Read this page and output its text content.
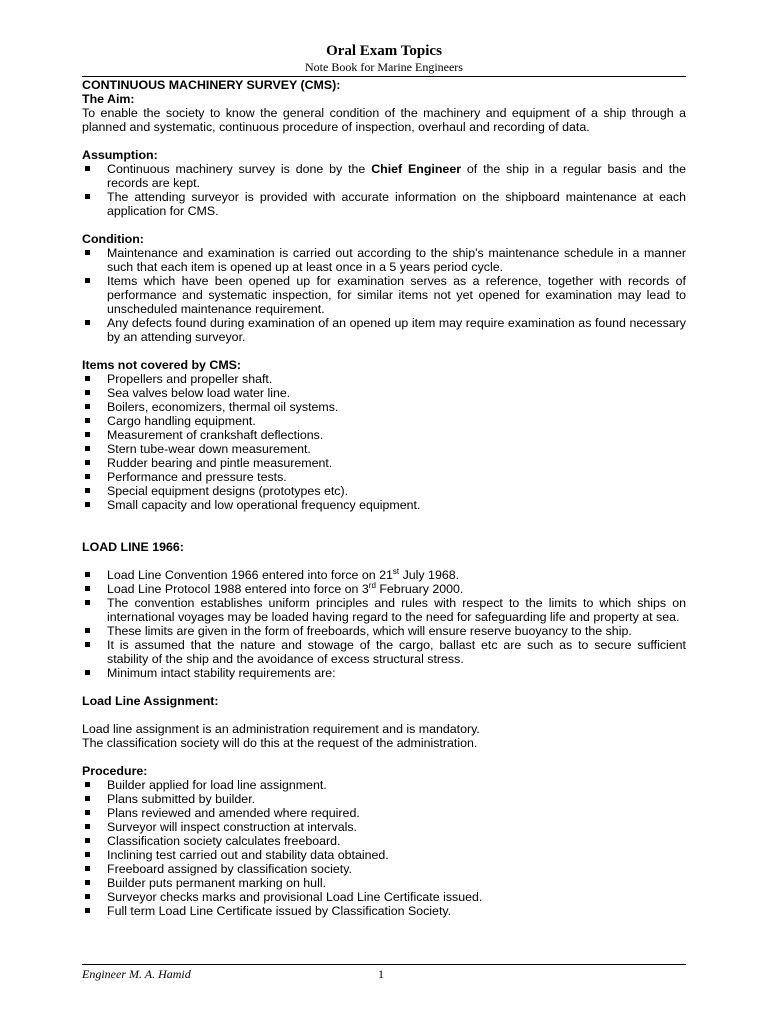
Oral Exam Topics
Note Book for Marine Engineers
CONTINUOUS MACHINERY SURVEY (CMS):
The Aim:
To enable the society to know the general condition of the machinery and equipment of a ship through a planned and systematic, continuous procedure of inspection, overhaul and recording of data.
Assumption:
Continuous machinery survey is done by the Chief Engineer of the ship in a regular basis and the records are kept.
The attending surveyor is provided with accurate information on the shipboard maintenance at each application for CMS.
Condition:
Maintenance and examination is carried out according to the ship's maintenance schedule in a manner such that each item is opened up at least once in a 5 years period cycle.
Items which have been opened up for examination serves as a reference, together with records of performance and systematic inspection, for similar items not yet opened for examination may lead to unscheduled maintenance requirement.
Any defects found during examination of an opened up item may require examination as found necessary by an attending surveyor.
Items not covered by CMS:
Propellers and propeller shaft.
Sea valves below load water line.
Boilers, economizers, thermal oil systems.
Cargo handling equipment.
Measurement of crankshaft deflections.
Stern tube-wear down measurement.
Rudder bearing and pintle measurement.
Performance and pressure tests.
Special equipment designs (prototypes etc).
Small capacity and low operational frequency equipment.
LOAD LINE 1966:
Load Line Convention 1966 entered into force on 21st July 1968.
Load Line Protocol 1988 entered into force on 3rd February 2000.
The convention establishes uniform principles and rules with respect to the limits to which ships on international voyages may be loaded having regard to the need for safeguarding life and property at sea.
These limits are given in the form of freeboards, which will ensure reserve buoyancy to the ship.
It is assumed that the nature and stowage of the cargo, ballast etc are such as to secure sufficient stability of the ship and the avoidance of excess structural stress.
Minimum intact stability requirements are:
Load Line Assignment:
Load line assignment is an administration requirement and is mandatory.
The classification society will do this at the request of the administration.
Procedure:
Builder applied for load line assignment.
Plans submitted by builder.
Plans reviewed and amended where required.
Surveyor will inspect construction at intervals.
Classification society calculates freeboard.
Inclining test carried out and stability data obtained.
Freeboard assigned by classification society.
Builder puts permanent marking on hull.
Surveyor checks marks and provisional Load Line Certificate issued.
Full term Load Line Certificate issued by Classification Society.
Engineer M. A. Hamid	1
